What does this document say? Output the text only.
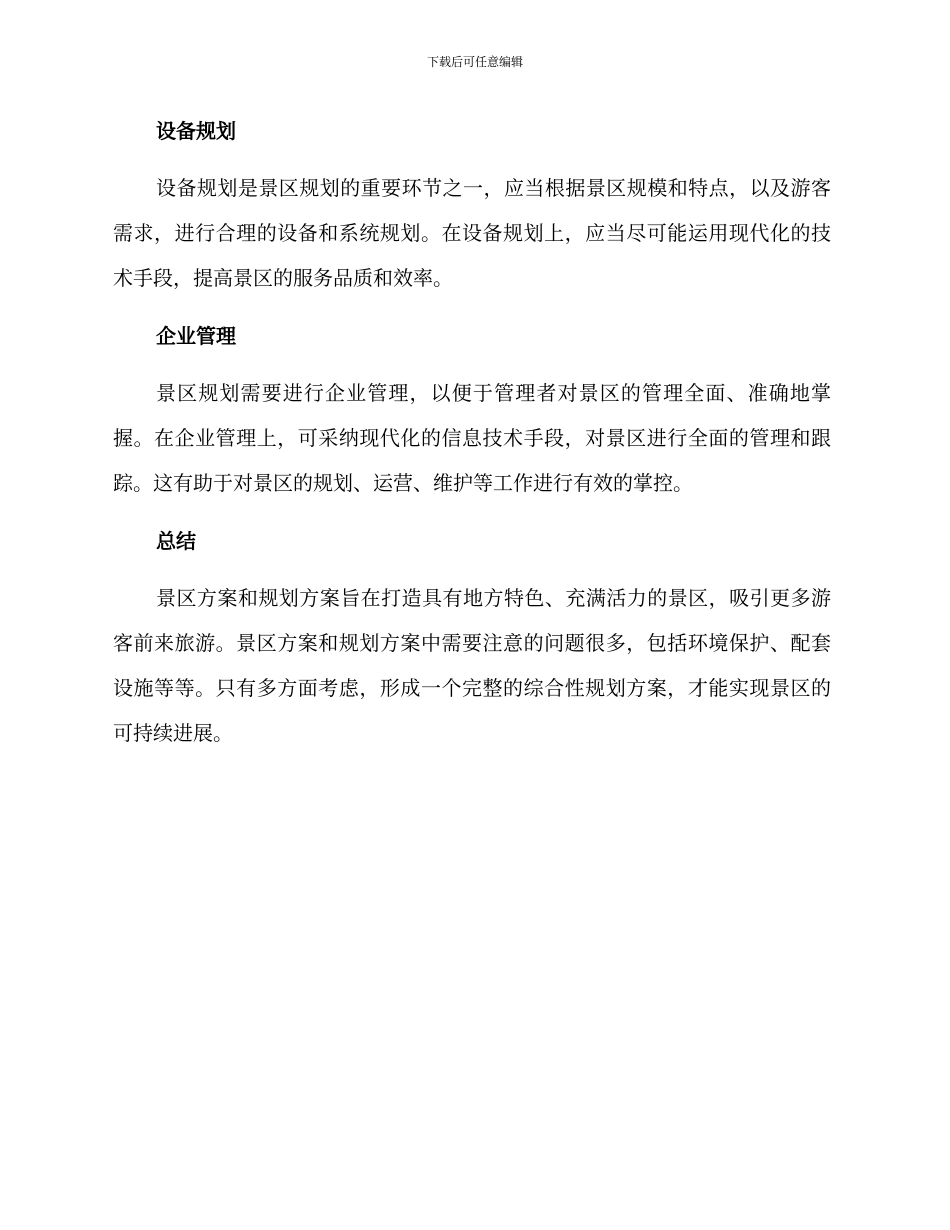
下载后可任意编辑
设备规划

设备规划是景区规划的重要环节之一，应当根据景区规模和特点，以及游客需求，进行合理的设备和系统规划。在设备规划上，应当尽可能运用现代化的技术手段，提高景区的服务品质和效率。

企业管理

景区规划需要进行企业管理，以便于管理者对景区的管理全面、准确地掌握。在企业管理上，可采纳现代化的信息技术手段，对景区进行全面的管理和跟踪。这有助于对景区的规划、运营、维护等工作进行有效的掌控。

总结

景区方案和规划方案旨在打造具有地方特色、充满活力的景区，吸引更多游客前来旅游。景区方案和规划方案中需要注意的问题很多，包括环境保护、配套设施等等。只有多方面考虑，形成一个完整的综合性规划方案，才能实现景区的可持续进展。
